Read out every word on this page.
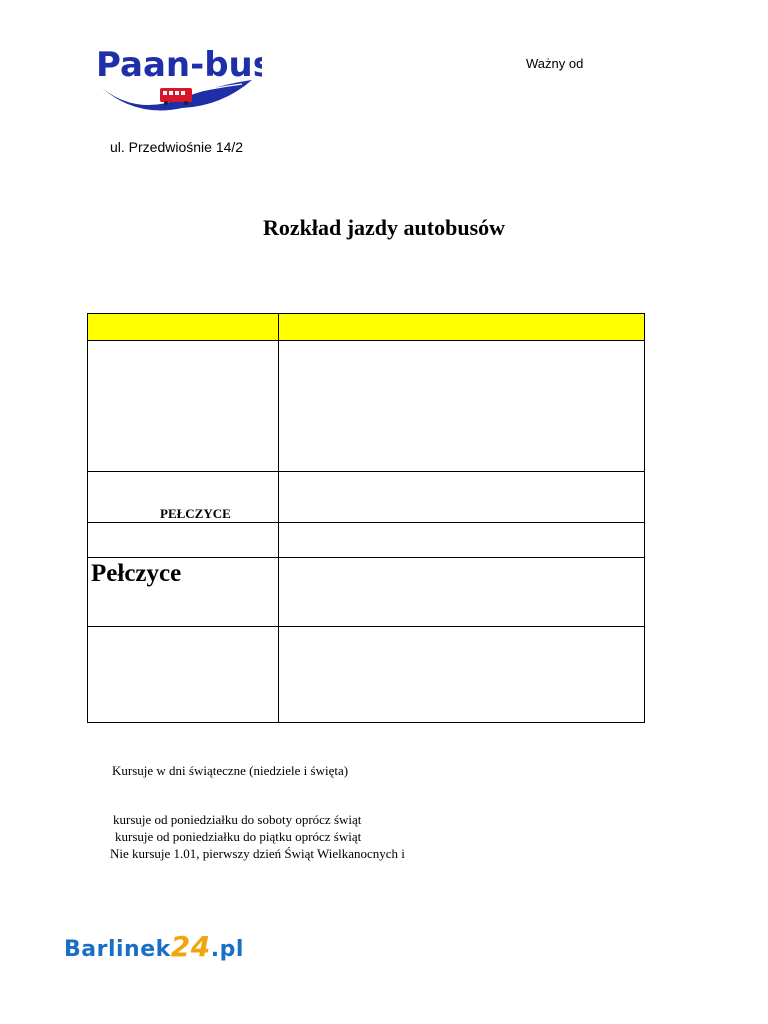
Paan-bus	Ważny od
ul. Przedwiośnie 14/2
Rozkład jazdy autobusów
PEŁCZYCE
Pełczyce
Kursuje w dni świąteczne (niedziele i święta)
kursuje od poniedziałku do soboty oprócz świąt
kursuje od poniedziałku do piątku oprócz świąt
Nie kursuje 1.01, pierwszy dzień Świąt Wielkanocnych i
Barlinek24.pl
